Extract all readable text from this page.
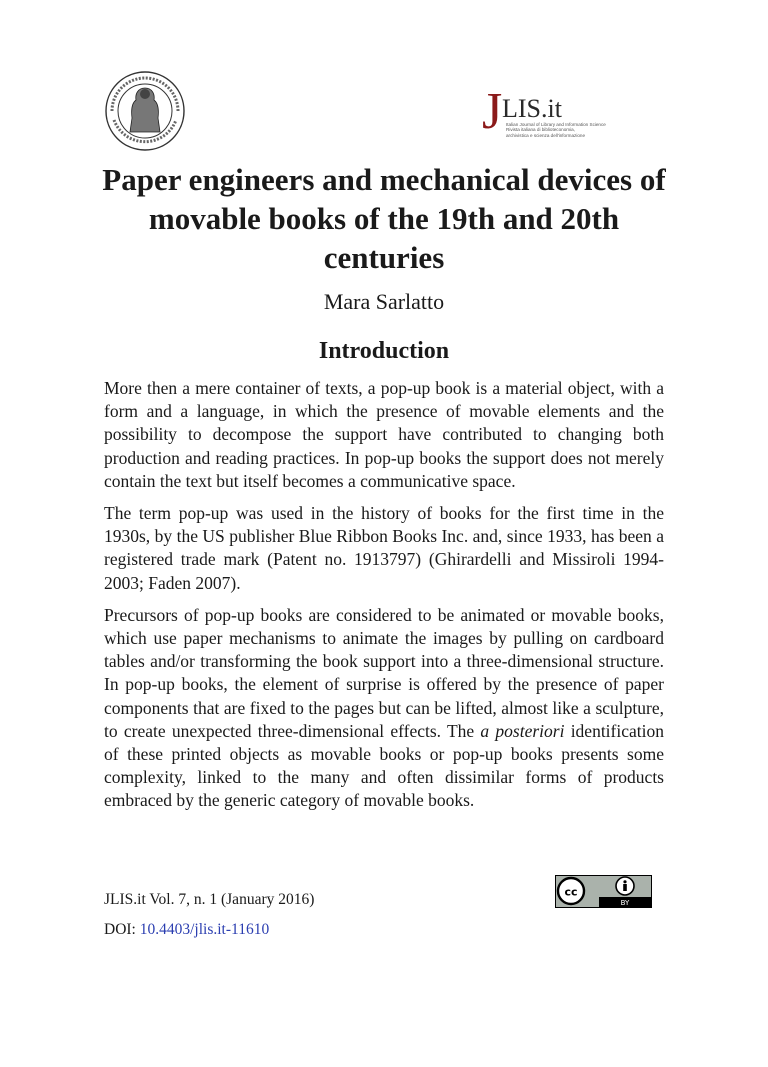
J LIS.it
Italian Journal of Library and Information Science
Rivista italiana di biblioteconomia,
archivistica e scienza dell'informazione
Paper engineers and mechanical devices of movable books of the 19th and 20th centuries
Mara Sarlatto
Introduction

More then a mere container of texts, a pop-up book is a material object, with a form and a language, in which the presence of movable elements and the possibility to decompose the support have contributed to changing both production and reading practices. In pop-up books the support does not merely contain the text but itself becomes a communicative space.

The term pop-up was used in the history of books for the first time in the 1930s, by the US publisher Blue Ribbon Books Inc. and, since 1933, has been a registered trade mark (Patent no. 1913797) (Ghirardelli and Missiroli 1994-2003; Faden 2007).

Precursors of pop-up books are considered to be animated or movable books, which use paper mechanisms to animate the images by pulling on cardboard tables and/or transforming the book support into a three-dimensional structure. In pop-up books, the element of surprise is offered by the presence of paper components that are fixed to the pages but can be lifted, almost like a sculpture, to create unexpected three-dimensional effects. The a posteriori identification of these printed objects as movable books or pop-up books presents some complexity, linked to the many and often dissimilar forms of products embraced by the generic category of movable books.

JLIS.it Vol. 7, n. 1 (January 2016)
DOI: 10.4403/jlis.it-11610
BY
cc
